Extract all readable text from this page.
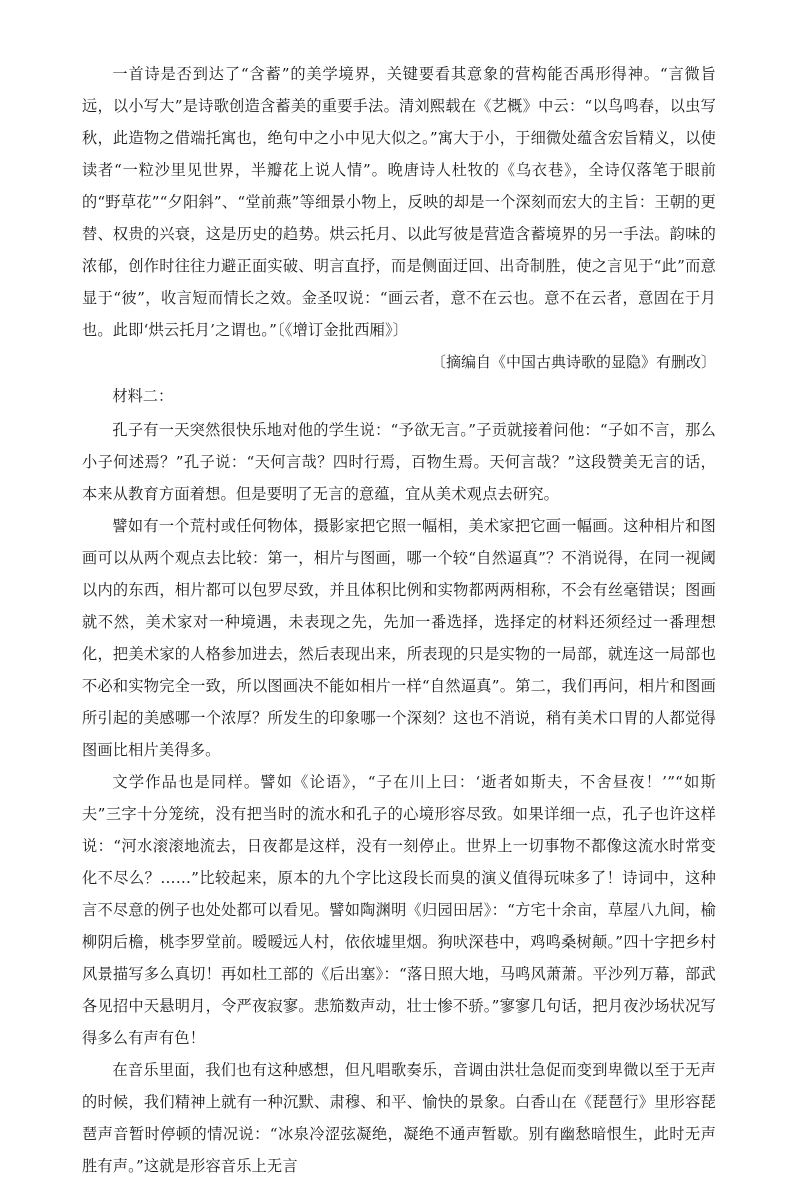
一首诗是否到达了“含蓄”的美学境界，关键要看其意象的营构能否禹形得神。“言微旨远，以小写大”是诗歌创造含蓄美的重要手法。清刘熙载在《艺概》中云：“以鸟鸣春，以虫写秋，此造物之借端托寓也，绝句中之小中见大似之。”寓大于小，于细微处蕴含宏旨精义，以使读者“一粒沙里见世界，半瓣花上说人情”。晚唐诗人杜牧的《乌衣巷》，全诗仅落笔于眼前的“野草花”“夕阳斜”、“堂前燕”等细景小物上，反映的却是一个深刻而宏大的主旨：王朝的更替、权贵的兴衰，这是历史的趋势。烘云托月、以此写彼是营造含蓄境界的另一手法。韵味的浓郁，创作时往往力避正面实破、明言直抒，而是侧面迂回、出奇制胜，使之言见于“此”而意显于“彼”，收言短而情长之效。金圣叹说：“画云者，意不在云也。意不在云者，意固在于月也。此即‘烘云托月’之谓也。”〔《增订金批西厢》〕

〔摘编自《中国古典诗歌的显隐》有删改〕

材料二：

孔子有一天突然很快乐地对他的学生说：“予欲无言。”子贡就接着问他：“子如不言，那么小子何述焉？”孔子说：“天何言哉？四时行焉，百物生焉。天何言哉？”这段赞美无言的话，本来从教育方面着想。但是要明了无言的意蕴，宜从美术观点去研究。

譬如有一个荒村或任何物体，摄影家把它照一幅相，美术家把它画一幅画。这种相片和图画可以从两个观点去比较：第一，相片与图画，哪一个较“自然逼真”？不消说得，在同一视阈以内的东西，相片都可以包罗尽致，并且体积比例和实物都两两相称，不会有丝毫错误；图画就不然，美术家对一种境遇，未表现之先，先加一番选择，选择定的材料还须经过一番理想化，把美术家的人格参加进去，然后表现出来，所表现的只是实物的一局部，就连这一局部也不必和实物完全一致，所以图画决不能如相片一样“自然逼真”。第二，我们再问，相片和图画所引起的美感哪一个浓厚？所发生的印象哪一个深刻？这也不消说，稍有美术口胃的人都觉得图画比相片美得多。

文学作品也是同样。譬如《论语》，“子在川上曰：‘逝者如斯夫，不舍昼夜！’”“如斯夫”三字十分笼统，没有把当时的流水和孔子的心境形容尽致。如果详细一点，孔子也许这样说：“河水滚滚地流去，日夜都是这样，没有一刻停止。世界上一切事物不都像这流水时常变化不尽么？……”比较起来，原本的九个字比这段长而臭的演义值得玩味多了！诗词中，这种言不尽意的例子也处处都可以看见。譬如陶渊明《归园田居》：“方宅十余亩，草屋八九间，榆柳阴后檐，桃李罗堂前。暧暧远人村，依依墟里烟。狗吠深巷中，鸡鸣桑树颠。”四十字把乡村风景描写多么真切！再如杜工部的《后出塞》：“落日照大地，马鸣风萧萧。平沙列万幕，部武各见招中天悬明月，令严夜寂寥。悲笳数声动，壮士惨不骄。”寥寥几句话，把月夜沙场状况写得多么有声有色！

在音乐里面，我们也有这种感想，但凡唱歌奏乐，音调由洪壮急促而变到卑微以至于无声的时候，我们精神上就有一种沉默、肃穆、和平、愉快的景象。白香山在《琵琶行》里形容琵琶声音暂时停顿的情况说：“冰泉冷涩弦凝绝，凝绝不通声暂歇。别有幽愁暗恨生，此时无声胜有声。”这就是形容音乐上无言
